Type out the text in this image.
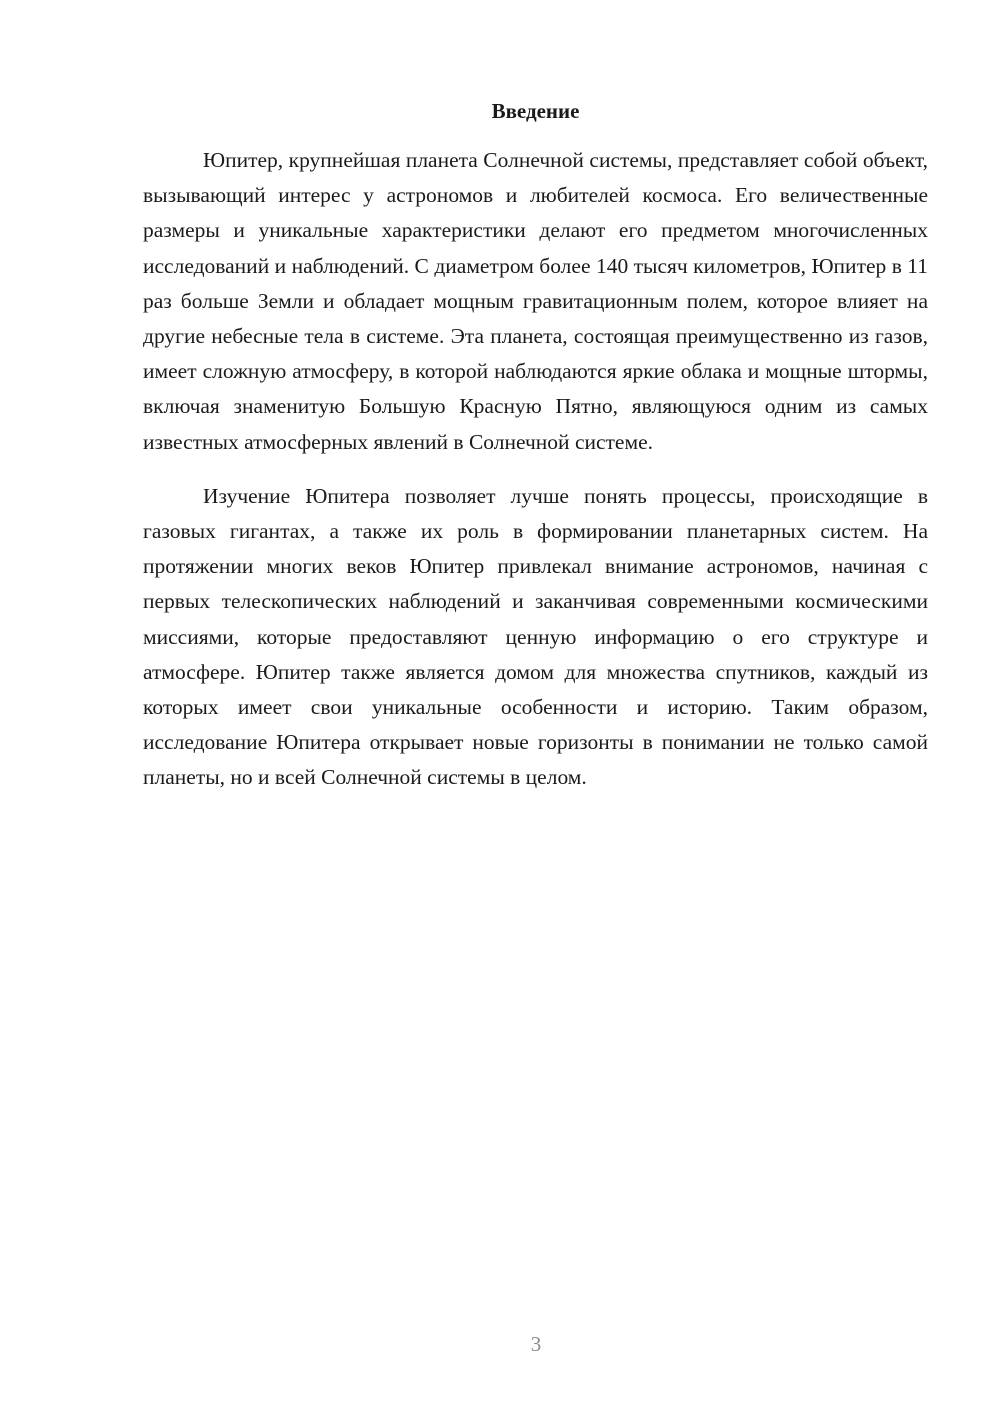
Введение

Юпитер, крупнейшая планета Солнечной системы, представляет собой объект, вызывающий интерес у астрономов и любителей космоса. Его величественные размеры и уникальные характеристики делают его предметом многочисленных исследований и наблюдений. С диаметром более 140 тысяч километров, Юпитер в 11 раз больше Земли и обладает мощным гравитационным полем, которое влияет на другие небесные тела в системе. Эта планета, состоящая преимущественно из газов, имеет сложную атмосферу, в которой наблюдаются яркие облака и мощные штормы, включая знаменитую Большую Красную Пятно, являющуюся одним из самых известных атмосферных явлений в Солнечной системе.

Изучение Юпитера позволяет лучше понять процессы, происходящие в газовых гигантах, а также их роль в формировании планетарных систем. На протяжении многих веков Юпитер привлекал внимание астрономов, начиная с первых телескопических наблюдений и заканчивая современными космическими миссиями, которые предоставляют ценную информацию о его структуре и атмосфере. Юпитер также является домом для множества спутников, каждый из которых имеет свои уникальные особенности и историю. Таким образом, исследование Юпитера открывает новые горизонты в понимании не только самой планеты, но и всей Солнечной системы в целом.

3
